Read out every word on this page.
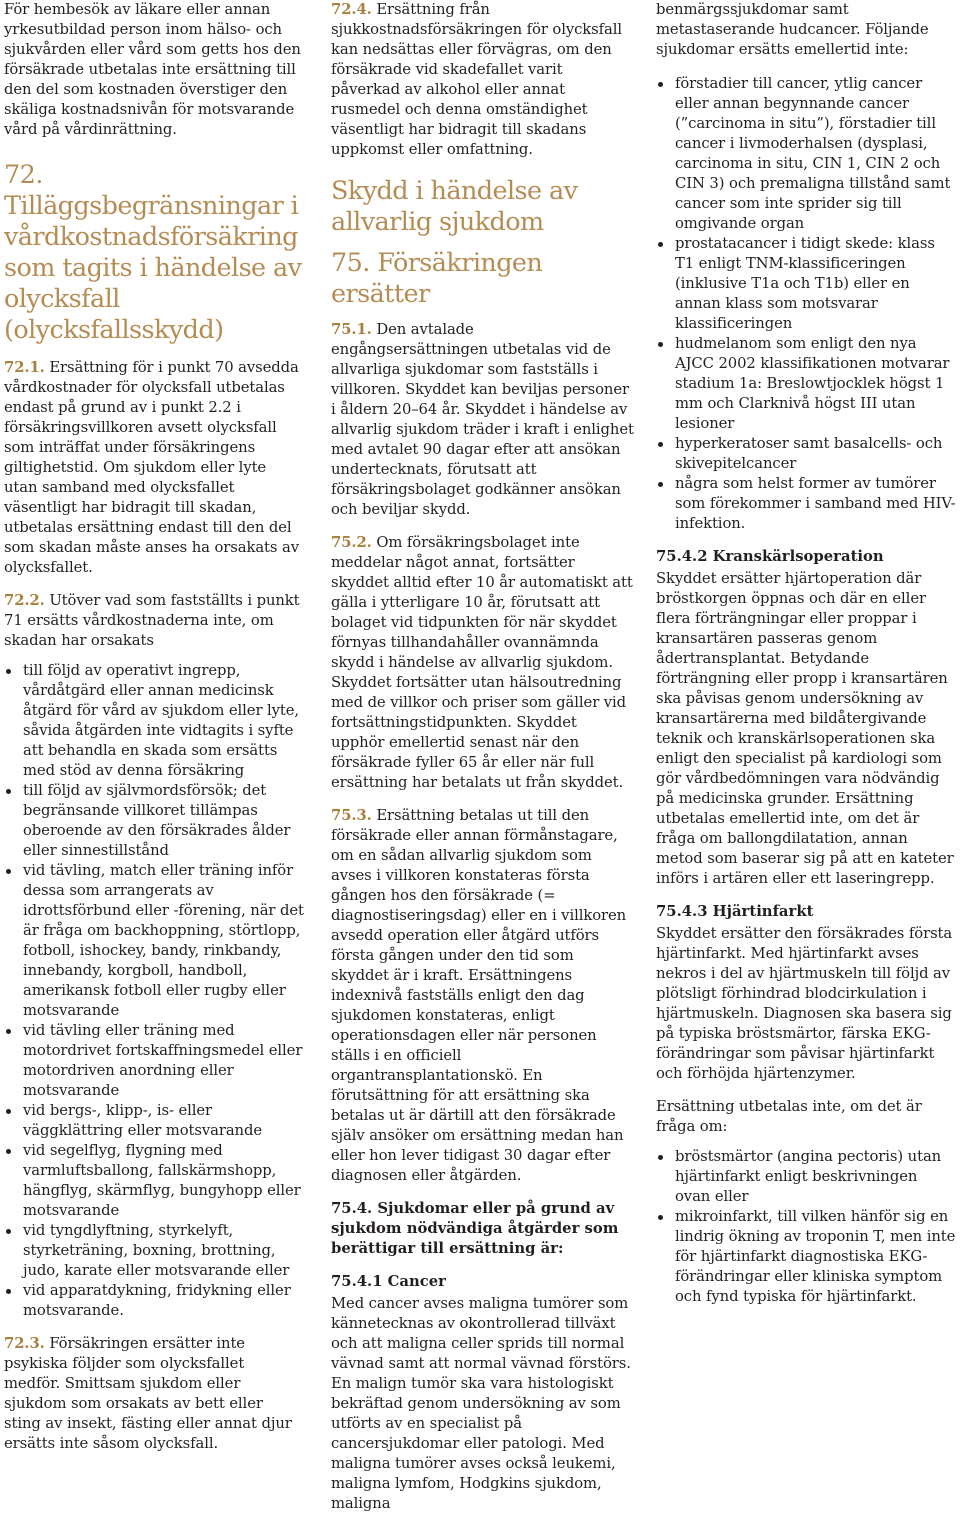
För hembesök av läkare eller annan yrkesutbildad person inom hälso- och sjukvården eller vård som getts hos den försäkrade utbetalas inte ersättning till den del som kostnaden överstiger den skäliga kostnadsnivån för motsvarande vård på vårdinrättning.

72. Tilläggsbegränsningar i vårdkostnadsförsäkring som tagits i händelse av olycksfall (olycksfallsskydd)

72.1. Ersättning för i punkt 70 avsedda vårdkostnader för olycksfall utbetalas endast på grund av i punkt 2.2 i försäkringsvillkoren avsett olycksfall som inträffat under försäkringens giltighetstid. Om sjukdom eller lyte utan samband med olycksfallet väsentligt har bidragit till skadan, utbetalas ersättning endast till den del som skadan måste anses ha orsakats av olycksfallet.

72.2. Utöver vad som fastställts i punkt 71 ersätts vårdkostnaderna inte, om skadan har orsakats

till följd av operativt ingrepp, vårdåtgärd eller annan medicinsk åtgärd för vård av sjukdom eller lyte, såvida åtgärden inte vidtagits i syfte att behandla en skada som ersätts med stöd av denna försäkring
till följd av självmordsförsök; det begränsande villkoret tillämpas oberoende av den försäkrades ålder eller sinnestillstånd
vid tävling, match eller träning inför dessa som arrangerats av idrottsförbund eller -förening, när det är fråga om backhoppning, störtlopp, fotboll, ishockey, bandy, rinkbandy, innebandy, korgboll, handboll, amerikansk fotboll eller rugby eller motsvarande
vid tävling eller träning med motordrivet fortskaffningsmedel eller motordriven anordning eller motsvarande
vid bergs-, klipp-, is- eller väggklättring eller motsvarande
vid segelflyg, flygning med varmluftsballong, fallskärmshopp, hängflyg, skärmflyg, bungyhopp eller motsvarande
vid tyngdlyftning, styrkelyft, styrketräning, boxning, brottning, judo, karate eller motsvarande eller
vid apparatdykning, fridykning eller motsvarande.

72.3. Försäkringen ersätter inte psykiska följder som olycksfallet medför. Smittsam sjukdom eller sjukdom som orsakats av bett eller sting av insekt, fästing eller annat djur ersätts inte såsom olycksfall.

72.4. Ersättning från sjukkostnadsförsäkringen för olycksfall kan nedsättas eller förvägras, om den försäkrade vid skadefallet varit påverkad av alkohol eller annat rusmedel och denna omständighet väsentligt har bidragit till skadans uppkomst eller omfattning.

Skydd i händelse av allvarlig sjukdom
75. Försäkringen ersätter

75.1. Den avtalade engångsersättningen utbetalas vid de allvarliga sjukdomar som fastställs i villkoren. Skyddet kan beviljas personer i åldern 20–64 år. Skyddet i händelse av allvarlig sjukdom träder i kraft i enlighet med avtalet 90 dagar efter att ansökan undertecknats, förutsatt att försäkringsbolaget godkänner ansökan och beviljar skydd.

75.2. Om försäkringsbolaget inte meddelar något annat, fortsätter skyddet alltid efter 10 år automatiskt att gälla i ytterligare 10 år, förutsatt att bolaget vid tidpunkten för när skyddet förnyas tillhandahåller ovannämnda skydd i händelse av allvarlig sjukdom. Skyddet fortsätter utan hälsoutredning med de villkor och priser som gäller vid fortsättningstidpunkten. Skyddet upphör emellertid senast när den försäkrade fyller 65 år eller när full ersättning har betalats ut från skyddet.

75.3. Ersättning betalas ut till den försäkrade eller annan förmånstagare, om en sådan allvarlig sjukdom som avses i villkoren konstateras första gången hos den försäkrade (= diagnostiseringsdag) eller en i villkoren avsedd operation eller åtgärd utförs första gången under den tid som skyddet är i kraft. Ersättningens indexnivå fastställs enligt den dag sjukdomen konstateras, enligt operationsdagen eller när personen ställs i en officiell organtransplantationskö. En förutsättning för att ersättning ska betalas ut är därtill att den försäkrade själv ansöker om ersättning medan han eller hon lever tidigast 30 dagar efter diagnosen eller åtgärden.

75.4. Sjukdomar eller på grund av sjukdom nödvändiga åtgärder som berättigar till ersättning är:
75.4.1 Cancer

Med cancer avses maligna tumörer som kännetecknas av okontrollerad tillväxt och att maligna celler sprids till normal vävnad samt att normal vävnad förstörs. En malign tumör ska vara histologiskt bekräftad genom undersökning av som utförts av en specialist på cancersjukdomar eller patologi. Med maligna tumörer avses också leukemi, maligna lymfom, Hodgkins sjukdom, maligna

benmärgssjukdomar samt metastaserande hudcancer. Följande sjukdomar ersätts emellertid inte:

förstadier till cancer, ytlig cancer eller annan begynnande cancer (”carcinoma in situ”), förstadier till cancer i livmoderhalsen (dysplasi, carcinoma in situ, CIN 1, CIN 2 och CIN 3) och premaligna tillstånd samt cancer som inte sprider sig till omgivande organ
prostatacancer i tidigt skede: klass T1 enligt TNM-klassificeringen (inklusive T1a och T1b) eller en annan klass som motsvarar klassificeringen
hudmelanom som enligt den nya AJCC 2002 klassifikationen motvarar stadium 1a: Breslowtjocklek högst 1 mm och Clarknivå högst III utan lesioner
hyperkeratoser samt basalcells- och skivepitelcancer
några som helst former av tumörer som förekommer i samband med HIV-infektion.
75.4.2 Kranskärlsoperation

Skyddet ersätter hjärtoperation där bröstkorgen öppnas och där en eller flera förträngningar eller proppar i kransartären passeras genom ådertransplantat. Betydande förträngning eller propp i kransartären ska påvisas genom undersökning av kransartärerna med bildåtergivande teknik och kranskärlsoperationen ska enligt den specialist på kardiologi som gör vårdbedömningen vara nödvändig på medicinska grunder. Ersättning utbetalas emellertid inte, om det är fråga om ballongdilatation, annan metod som baserar sig på att en kateter införs i artären eller ett laseringrepp.

75.4.3 Hjärtinfarkt

Skyddet ersätter den försäkrades första hjärtinfarkt. Med hjärtinfarkt avses nekros i del av hjärtmuskeln till följd av plötsligt förhindrad blodcirkulation i hjärtmuskeln. Diagnosen ska basera sig på typiska bröstsmärtor, färska EKG-förändringar som påvisar hjärtinfarkt och förhöjda hjärtenzymer.

Ersättning utbetalas inte, om det är fråga om:

bröstsmärtor (angina pectoris) utan hjärtinfarkt enligt beskrivningen ovan eller
mikroinfarkt, till vilken hänför sig en lindrig ökning av troponin T, men inte för hjärtinfarkt diagnostiska EKG-förändringar eller kliniska symptom och fynd typiska för hjärtinfarkt.
